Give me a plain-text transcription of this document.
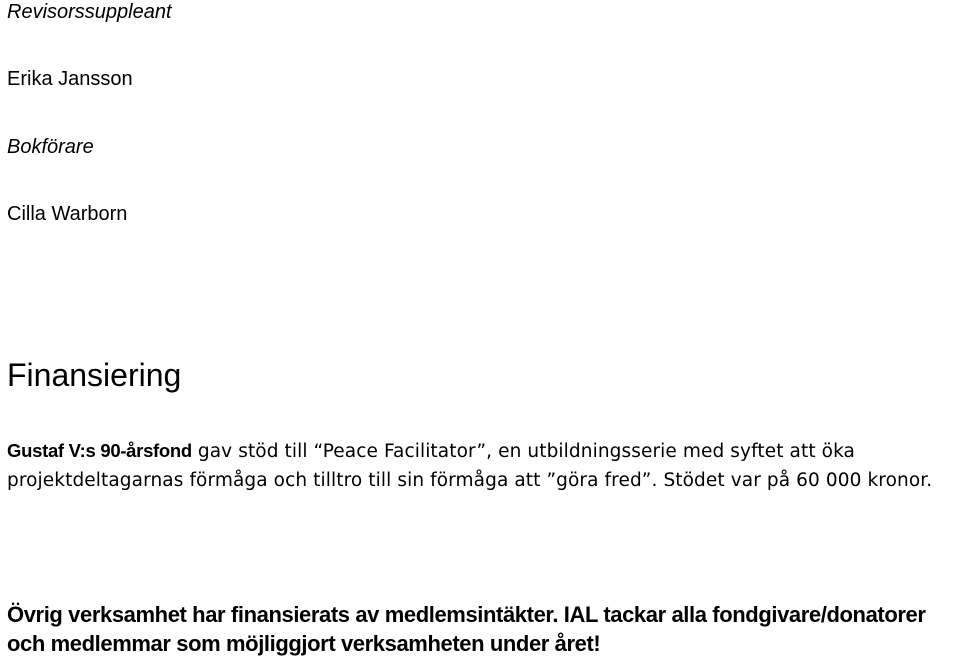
Revisorssuppleant

Erika Jansson

Bokförare

Cilla Warborn

Finansiering

Gustaf V:s 90-årsfond gav stöd till “Peace Facilitator”, en utbildningsserie med syftet att öka projektdeltagarnas förmåga och tilltro till sin förmåga att ”göra fred”. Stödet var på 60 000 kronor.

Övrig verksamhet har finansierats av medlemsintäkter. IAL tackar alla fondgivare/donatorer och medlemmar som möjliggjort verksamheten under året!
